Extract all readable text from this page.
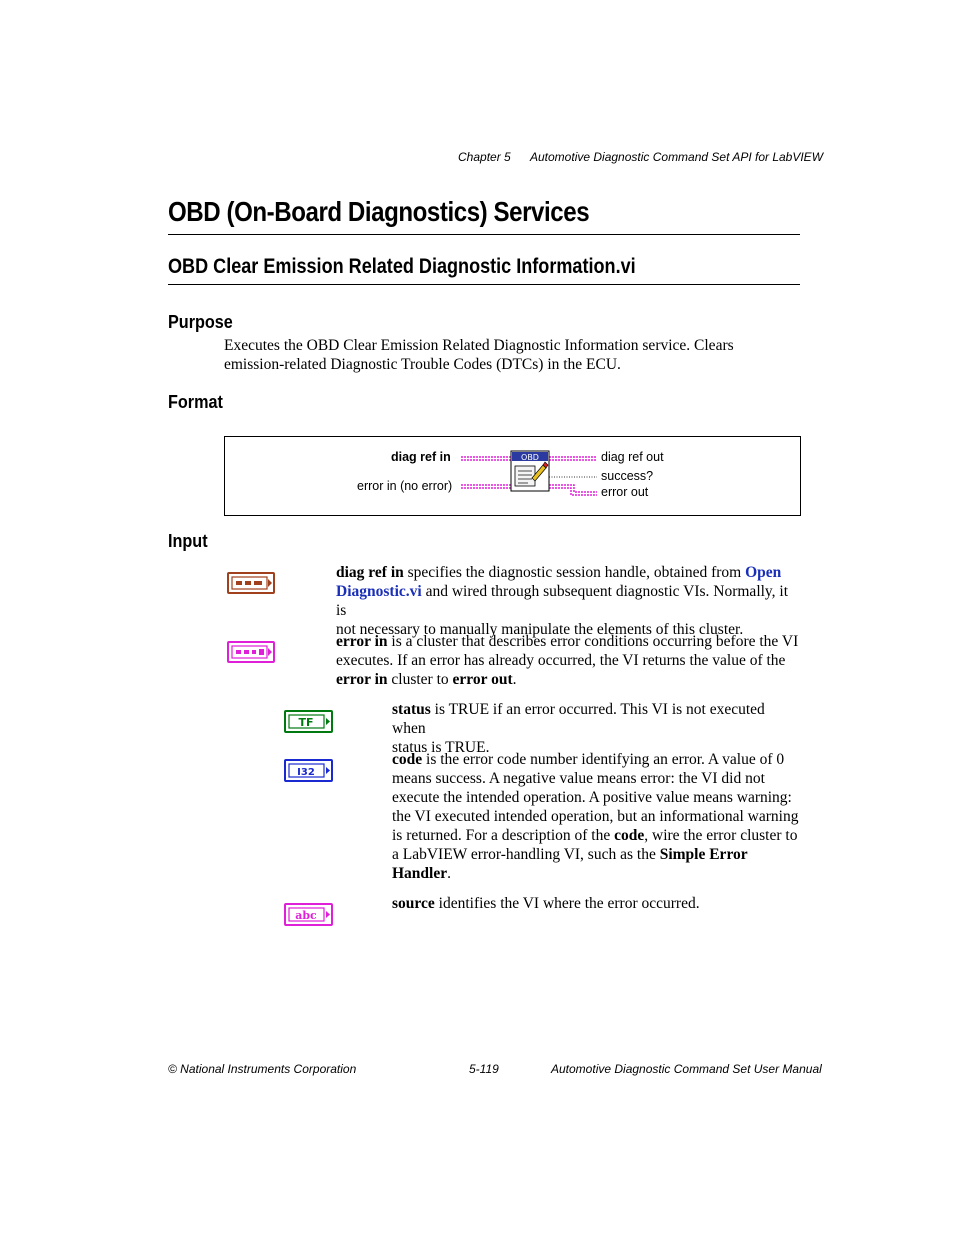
Chapter 5 Automotive Diagnostic Command Set API for LabVIEW
OBD (On-Board Diagnostics) Services
OBD Clear Emission Related Diagnostic Information.vi
Purpose
Executes the OBD Clear Emission Related Diagnostic Information service. Clears
emission-related Diagnostic Trouble Codes (DTCs) in the ECU.
Format
OBD
diag ref in
error in (no error)
diag ref out
success?
error out
Input
diag ref in specifies the diagnostic session handle, obtained from Open
Diagnostic.vi and wired through subsequent diagnostic VIs. Normally, it is
not necessary to manually manipulate the elements of this cluster.
error in is a cluster that describes error conditions occurring before the VI
executes. If an error has already occurred, the VI returns the value of the
error in cluster to error out.
TF
status is TRUE if an error occurred. This VI is not executed when
status is TRUE.
I32
code is the error code number identifying an error. A value of 0
means success. A negative value means error: the VI did not
execute the intended operation. A positive value means warning:
the VI executed intended operation, but an informational warning
is returned. For a description of the code, wire the error cluster to
a LabVIEW error-handling VI, such as the Simple Error
Handler.
abc
source identifies the VI where the error occurred.
© National Instruments Corporation	5-119	Automotive Diagnostic Command Set User Manual
